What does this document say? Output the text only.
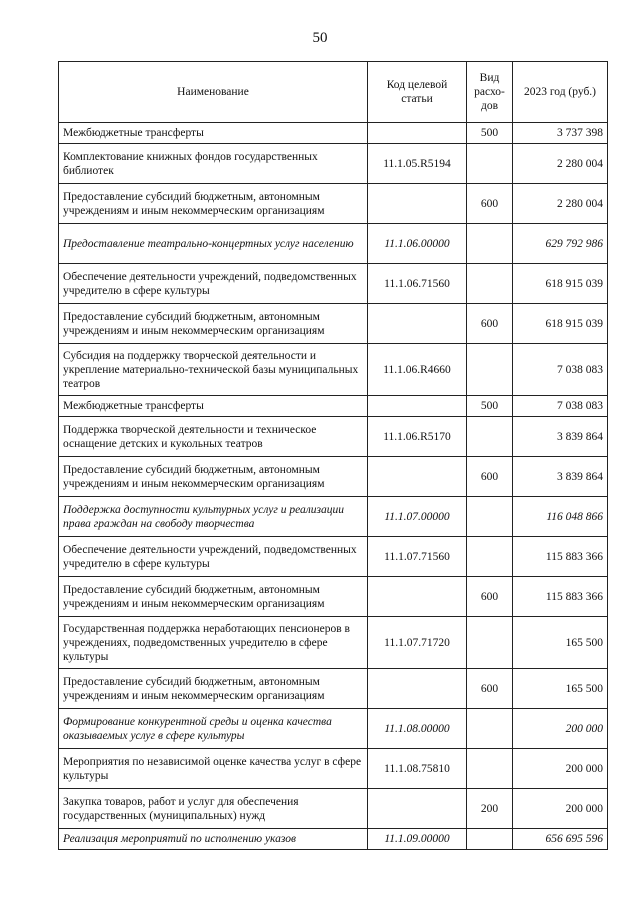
50
Наименование	Код целевой статьи	Вид расхо-дов	2023 год (руб.)
Межбюджетные трансферты		500	3 737 398
Комплектование книжных фондов государственных библиотек	11.1.05.R5194		2 280 004
Предоставление субсидий бюджетным, автономным учреждениям и иным некоммерческим организациям		600	2 280 004
Предоставление театрально-концертных услуг населению	11.1.06.00000		629 792 986
Обеспечение деятельности учреждений, подведомственных учредителю в сфере культуры	11.1.06.71560		618 915 039
Предоставление субсидий бюджетным, автономным учреждениям и иным некоммерческим организациям		600	618 915 039
Субсидия на поддержку творческой деятельности и укрепление материально-технической базы муниципальных театров	11.1.06.R4660		7 038 083
Межбюджетные трансферты		500	7 038 083
Поддержка творческой деятельности и техническое оснащение детских и кукольных театров	11.1.06.R5170		3 839 864
Предоставление субсидий бюджетным, автономным учреждениям и иным некоммерческим организациям		600	3 839 864
Поддержка доступности культурных услуг и реализации права граждан на свободу творчества	11.1.07.00000		116 048 866
Обеспечение деятельности учреждений, подведомственных учредителю в сфере культуры	11.1.07.71560		115 883 366
Предоставление субсидий бюджетным, автономным учреждениям и иным некоммерческим организациям		600	115 883 366
Государственная поддержка неработающих пенсионеров в учреждениях, подведомственных учредителю в сфере культуры	11.1.07.71720		165 500
Предоставление субсидий бюджетным, автономным учреждениям и иным некоммерческим организациям		600	165 500
Формирование конкурентной среды и оценка качества оказываемых услуг в сфере культуры	11.1.08.00000		200 000
Мероприятия по независимой оценке качества услуг в сфере культуры	11.1.08.75810		200 000
Закупка товаров, работ и услуг для обеспечения государственных (муниципальных) нужд		200	200 000
Реализация мероприятий по исполнению указов	11.1.09.00000		656 695 596
